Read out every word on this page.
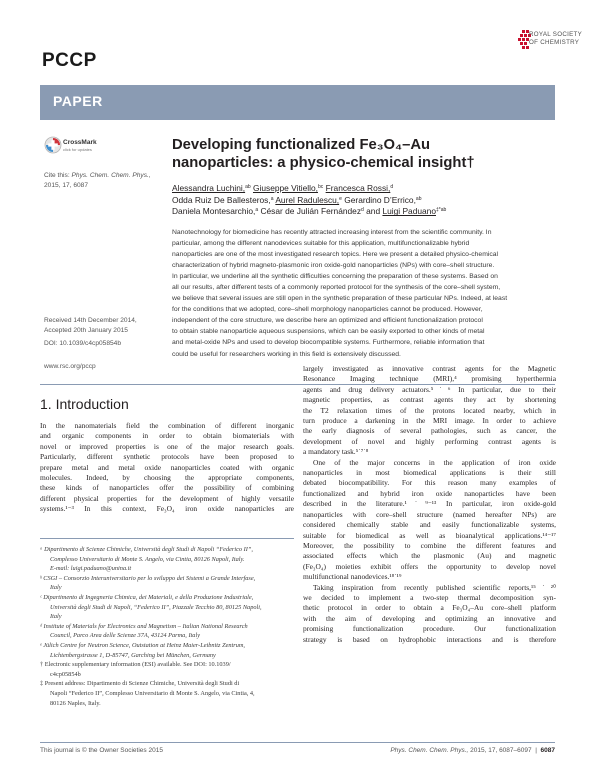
PCCP
ROYAL SOCIETY
OF CHEMISTRY
PAPER
CrossMark
click for updates
Cite this: Phys. Chem. Chem. Phys.,
2015, 17, 6087
Developing functionalized Fe₃O₄–Au
nanoparticles: a physico-chemical insight†
Alessandra Luchini,$^{ab}$ Giuseppe Vitiello,$^{bc}$ Francesca Rossi,$^d$
Odda Ruiz De Ballesteros,$^a$ Aurel Radulescu,$^e$ Gerardino D’Errico,$^{ab}$
Daniela Montesarchio,$^a$ César de Julián Fernández$^d$ and Luigi Paduano$^{\ddagger*ab}$
Nanotechnology for biomedicine has recently attracted increasing interest from the scientific community. In
particular, among the different nanodevices suitable for this application, multifunctionalizable hybrid
nanoparticles are one of the most investigated research topics. Here we present a detailed physico-chemical
characterization of hybrid magneto-plasmonic iron oxide-gold nanoparticles (NPs) with core–shell structure.
In particular, we underline all the synthetic difficulties concerning the preparation of these systems. Based on
all our results, after different tests of a commonly reported protocol for the synthesis of the core–shell system,
we believe that several issues are still open in the synthetic preparation of these particular NPs. Indeed, at least
for the conditions that we adopted, core–shell morphology nanoparticles cannot be produced. However,
independent of the core structure, we describe here an optimized and efficient functionalization protocol
to obtain stable nanoparticle aqueous suspensions, which can be easily exported to other kinds of metal
and metal-oxide NPs and used to develop biocompatible systems. Furthermore, reliable information that
could be useful for researchers working in this field is extensively discussed.
Received 14th December 2014,
Accepted 20th January 2015
DOI: 10.1039/c4cp05854b
www.rsc.org/pccp
1. Introduction
In the nanomaterials field the combination of different inorganic
and organic components in order to obtain biomaterials with
novel or improved properties is one of the major research goals.
Particularly, different synthetic protocols have been proposed to
prepare metal and metal oxide nanoparticles coated with organic
molecules. Indeed, by choosing the appropriate components,
these kinds of nanoparticles offer the possibility of combining
different physical properties for the development of highly versatile
systems.¹⁻³ In this context, Fe₃O₄ iron oxide nanoparticles are
largely investigated as innovative contrast agents for the Magnetic
Resonance Imaging technique (MRI),⁴ promising hyperthermia
agents and drug delivery actuators.⁵˙⁶ In particular, due to their
magnetic properties, as contrast agents they act by shortening
the T2 relaxation times of the protons located nearby, which in
turn produce a darkening in the MRI image. In order to achieve
the early diagnosis of several pathologies, such as cancer, the
development of novel and highly performing contrast agents is
a mandatory task.⁵˙⁷˙⁸
One of the major concerns in the application of iron oxide
nanoparticles in most biomedical applications is their still
debated biocompatibility. For this reason many examples of
functionalized and hybrid iron oxide nanoparticles have been
described in the literature.¹˙⁹⁻¹³ In particular, iron oxide-gold
nanoparticles with core–shell structure (named hereafter NPs) are
considered chemically stable and easily functionalizable systems,
suitable for biomedical as well as bioanalytical applications.¹⁴⁻¹⁷
Moreover, the possibility to combine the different features and
associated effects which the plasmonic (Au) and magnetic
(Fe₃O₄) moieties exhibit offers the opportunity to develop novel
multifunctional nanodevices.¹⁸˙¹⁹
Taking inspiration from recently published scientific reports,¹⁵˙²⁰
we decided to implement a two-step thermal decomposition syn-
thetic protocol in order to obtain a Fe₃O₄–Au core–shell platform
with the aim of developing and optimizing an innovative and
promising functionalization procedure. Our functionalization
strategy is based on hydrophobic interactions and is therefore
ᵃ Dipartimento di Scienze Chimiche, Università degli Studi di Napoli “Federico II”,
Complesso Universitario di Monte S. Angelo, via Cintia, 80126 Napoli, Italy.
E-mail: luigi.paduano@unina.it
ᵇ CSGI – Consorzio Interuniversitario per lo sviluppo dei Sistemi a Grande Interfase,
Italy
ᶜ Dipartimento di Ingegneria Chimica, dei Materiali, e della Produzione Industriale,
Università degli Studi di Napoli, “Federico II”, Piazzale Tecchio 80, 80125 Napoli,
Italy
ᵈ Institute of Materials for Electronics and Magnetism – Italian National Research
Council, Parco Area delle Scienze 37A, 43124 Parma, Italy
ᵉ Jülich Centre for Neutron Science, Outstation at Heinz Maier-Leibnitz Zentrum,
Lichtenbergstrasse 1, D-85747, Garching bei München, Germany
† Electronic supplementary information (ESI) available. See DOI: 10.1039/
c4cp05854b
‡ Present address: Dipartimento di Scienze Chimiche, Università degli Studi di
Napoli “Federico II”, Complesso Universitario di Monte S. Angelo, via Cintia, 4,
80126 Naples, Italy.
This journal is © the Owner Societies 2015	Phys. Chem. Chem. Phys., 2015, 17, 6087–6097  |  6087
